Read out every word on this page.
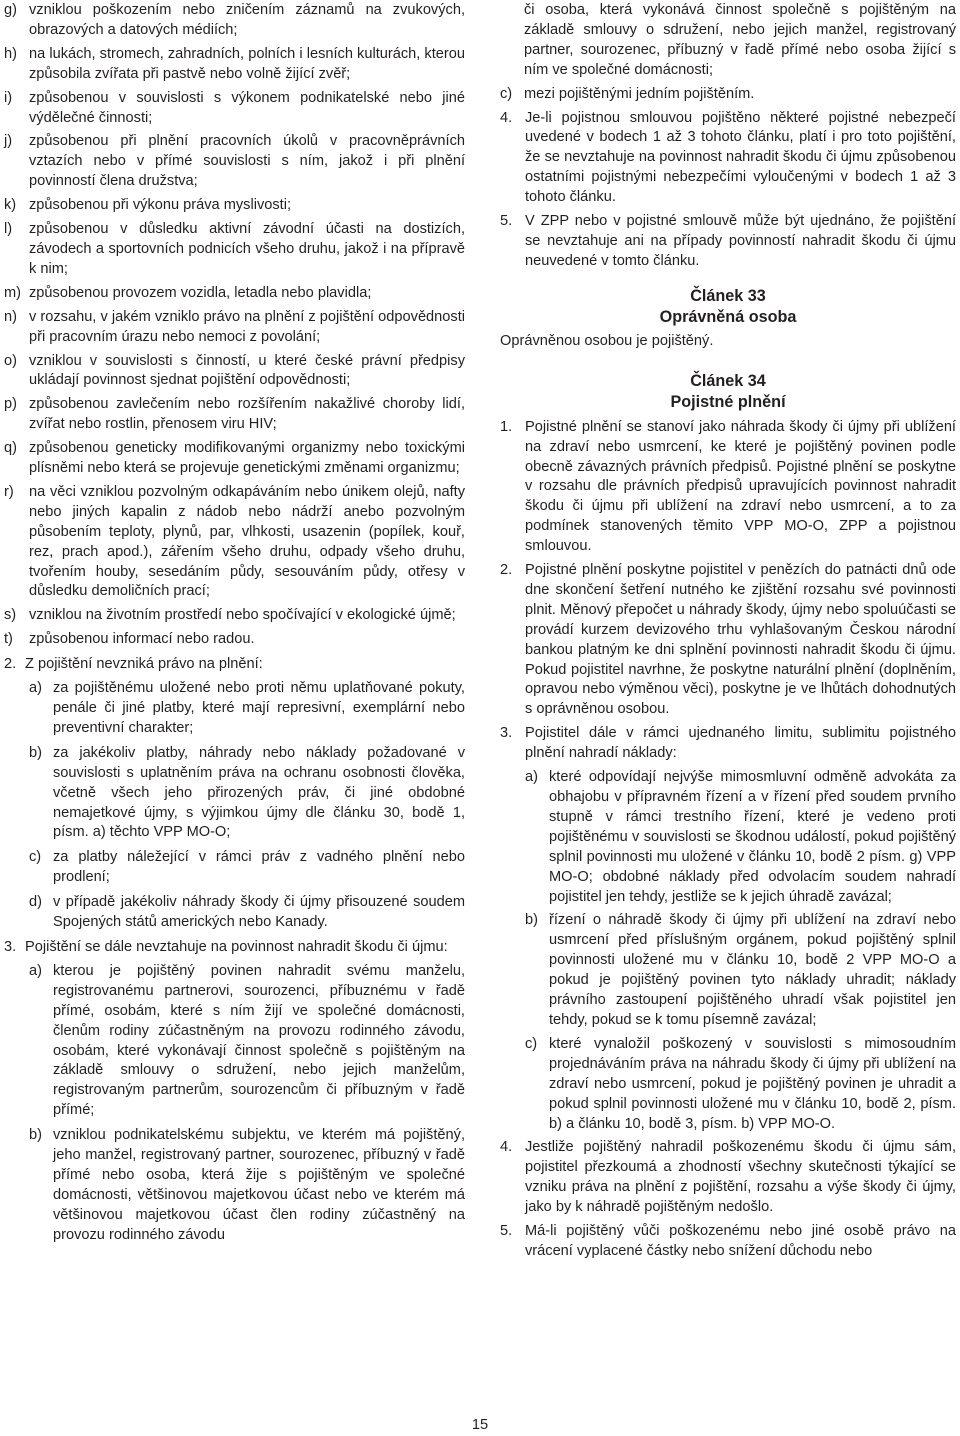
g) vzniklou poškozením nebo zničením záznamů na zvukových, obrazových a datových médiích;
h) na lukách, stromech, zahradních, polních i lesních kulturách, kterou způsobila zvířata při pastvě nebo volně žijící zvěř;
i)	způsobenou v souvislosti s výkonem podnikatelské nebo jiné výdělečné činnosti;
j)	způsobenou při plnění pracovních úkolů v pracovněprávních vztazích nebo v přímé souvislosti s ním, jakož i při plnění povinností člena družstva;
k) způsobenou při výkonu práva myslivosti;
l)	způsobenou v důsledku aktivní závodní účasti na dostizích, závodech a sportovních podnicích všeho druhu, jakož i na přípravě k nim;
m) způsobenou provozem vozidla, letadla nebo plavidla;
n) v rozsahu, v jakém vzniklo právo na plnění z pojištění odpovědnosti při pracovním úrazu nebo nemoci z povolání;
o) vzniklou v souvislosti s činností, u které české právní předpisy ukládají povinnost sjednat pojištění odpovědnosti;
p) způsobenou zavlečením nebo rozšířením nakažlivé choroby lidí, zvířat nebo rostlin, přenosem viru HIV;
q) způsobenou geneticky modifikovanými organizmy nebo toxickými plísněmi nebo která se projevuje genetickými změnami organizmu;
r)	na věci vzniklou pozvolným odkapáváním nebo únikem olejů, nafty nebo jiných kapalin z nádob nebo nádrží anebo pozvolným působením teploty, plynů, par, vlhkosti, usazenin (popílek, kouř, rez, prach apod.), zářením všeho druhu, odpady všeho druhu, tvořením houby, sesedáním půdy, sesouváním půdy, otřesy v důsledku demoličních prací;
s) vzniklou na životním prostředí nebo spočívající v ekologické újmě;
t)	způsobenou informací nebo radou.
2. Z pojištění nevzniká právo na plnění:
a) za pojištěnému uložené nebo proti němu uplatňované pokuty, penále či jiné platby, které mají represivní, exemplární nebo preventivní charakter;
b) za jakékoliv platby, náhrady nebo náklady požadované v souvislosti s uplatněním práva na ochranu osobnosti člověka, včetně všech jeho přirozených práv, či jiné obdobné nemajetkové újmy, s výjimkou újmy dle článku 30, bodě 1, písm. a) těchto VPP MO-O;
c) za platby náležející v rámci práv z vadného plnění nebo prodlení;
d) v případě jakékoliv náhrady škody či újmy přisouzené soudem Spojených států amerických nebo Kanady.
3. Pojištění se dále nevztahuje na povinnost nahradit škodu či újmu:
a) kterou je pojištěný povinen nahradit svému manželu, registrovanému partnerovi, sourozenci, příbuznému v řadě přímé, osobám, které s ním žijí ve společné domácnosti, členům rodiny zúčastněným na provozu rodinného závodu, osobám, které vykonávají činnost společně s pojištěným na základě smlouvy o sdružení, nebo jejich manželům, registrovaným partnerům, sourozencům či příbuzným v řadě přímé;
b) vzniklou podnikatelskému subjektu, ve kterém má pojištěný, jeho manžel, registrovaný partner, sourozenec, příbuzný v řadě přímé nebo osoba, která žije s pojištěným ve společné domácnosti, většinovou majetkovou účast nebo ve kterém má většinovou majetkovou účast člen rodiny zúčastněný na provozu rodinného závodu

či osoba, která vykonává činnost společně s pojištěným na základě smlouvy o sdružení, nebo jejich manžel, registrovaný partner, sourozenec, příbuzný v řadě přímé nebo osoba žijící s ním ve společné domácnosti;

c) mezi pojištěnými jedním pojištěním.
4. Je-li pojistnou smlouvou pojištěno některé pojistné nebezpečí uvedené v bodech 1 až 3 tohoto článku, platí i pro toto pojištění, že se nevztahuje na povinnost nahradit škodu či újmu způsobenou ostatními pojistnými nebezpečími vyloučenými v bodech 1 až 3 tohoto článku.
5. V ZPP nebo v pojistné smlouvě může být ujednáno, že pojištění se nevztahuje ani na případy povinností nahradit škodu či újmu neuvedené v tomto článku.
Článek 33
Oprávněná osoba

Oprávněnou osobou je pojištěný.

Článek 34
Pojistné plnění
1. Pojistné plnění se stanoví jako náhrada škody či újmy při ublížení na zdraví nebo usmrcení, ke které je pojištěný povinen podle obecně závazných právních předpisů. Pojistné plnění se poskytne v rozsahu dle právních předpisů upravujících povinnost nahradit škodu či újmu při ublížení na zdraví nebo usmrcení, a to za podmínek stanovených těmito VPP MO-O, ZPP a pojistnou smlouvou.
2. Pojistné plnění poskytne pojistitel v penězích do patnácti dnů ode dne skončení šetření nutného ke zjištění rozsahu své povinnosti plnit. Měnový přepočet u náhrady škody, újmy nebo spoluúčasti se provádí kurzem devizového trhu vyhlašovaným Českou národní bankou platným ke dni splnění povinnosti nahradit škodu či újmu. Pokud pojistitel navrhne, že poskytne naturální plnění (doplněním, opravou nebo výměnou věci), poskytne je ve lhůtách dohodnutých s oprávněnou osobou.
3. Pojistitel dále v rámci ujednaného limitu, sublimitu pojistného plnění nahradí náklady:
a) které odpovídají nejvýše mimosmluvní odměně advokáta za obhajobu v přípravném řízení a v řízení před soudem prvního stupně v rámci trestního řízení, které je vedeno proti pojištěnému v souvislosti se škodnou událostí, pokud pojištěný splnil povinnosti mu uložené v článku 10, bodě 2 písm. g) VPP MO-O; obdobné náklady před odvolacím soudem nahradí pojistitel jen tehdy, jestliže se k jejich úhradě zavázal;
b) řízení o náhradě škody či újmy při ublížení na zdraví nebo usmrcení před příslušným orgánem, pokud pojištěný splnil povinnosti uložené mu v článku 10, bodě 2 VPP MO-O a pokud je pojištěný povinen tyto náklady uhradit; náklady právního zastoupení pojištěného uhradí však pojistitel jen tehdy, pokud se k tomu písemně zavázal;
c) které vynaložil poškozený v souvislosti s mimosoudním projednáváním práva na náhradu škody či újmy při ublížení na zdraví nebo usmrcení, pokud je pojištěný povinen je uhradit a pokud splnil povinnosti uložené mu v článku 10, bodě 2, písm. b) a článku 10, bodě 3, písm. b) VPP MO-O.
4. Jestliže pojištěný nahradil poškozenému škodu či újmu sám, pojistitel přezkoumá a zhodností všechny skutečnosti týkající se vzniku práva na plnění z pojištění, rozsahu a výše škody či újmy, jako by k náhradě pojištěným nedošlo.
5. Má-li pojištěný vůči poškozenému nebo jiné osobě právo na vrácení vyplacené částky nebo snížení důchodu nebo
15
